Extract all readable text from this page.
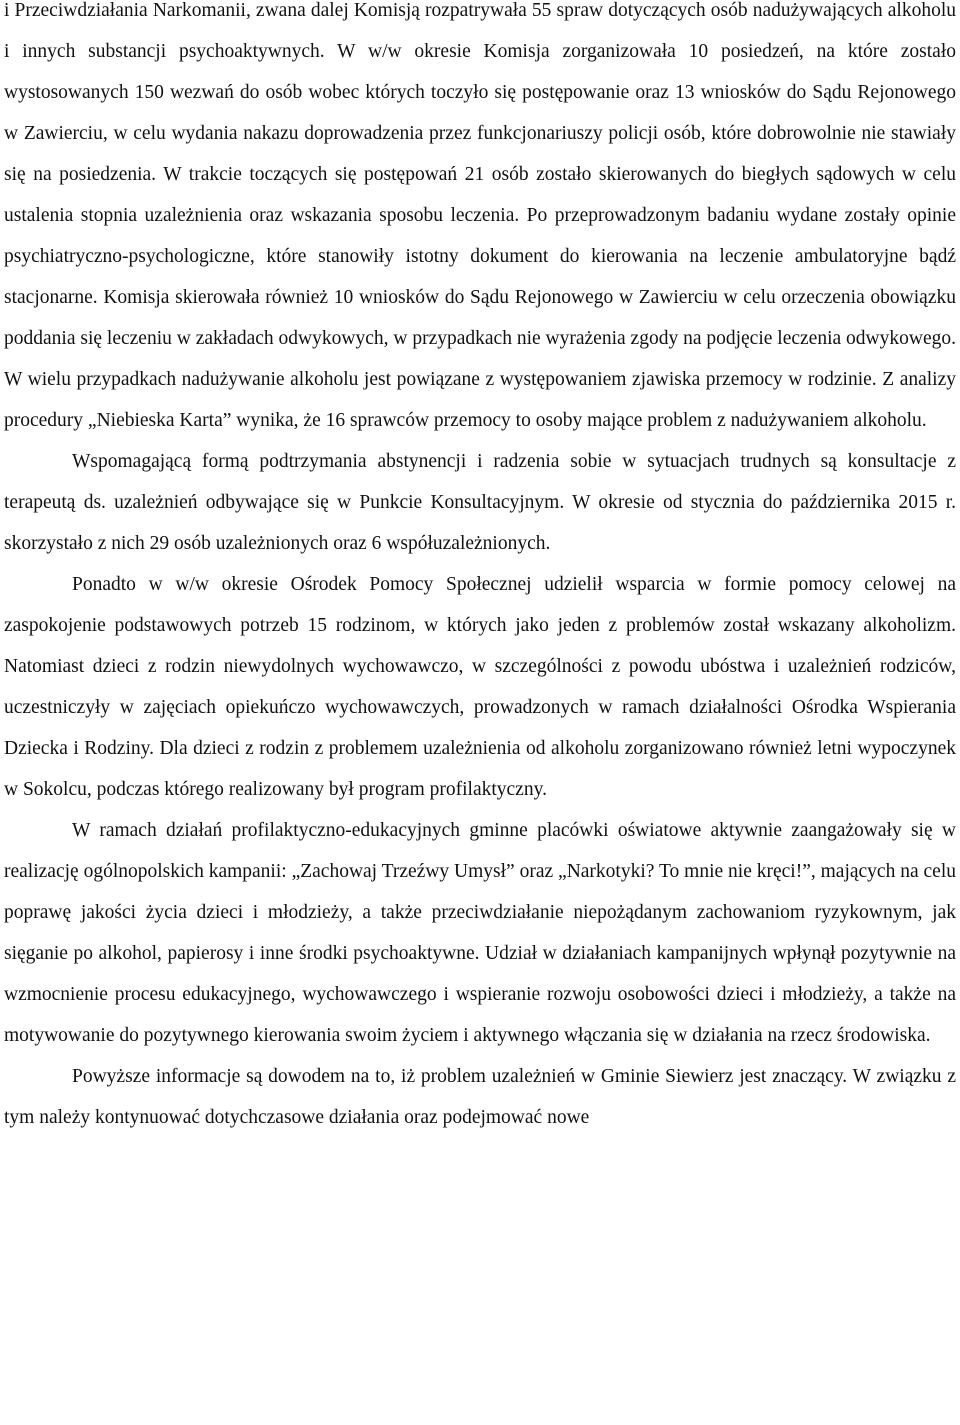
i Przeciwdziałania Narkomanii, zwana dalej Komisją rozpatrywała 55 spraw dotyczących osób nadużywających alkoholu i innych substancji psychoaktywnych. W w/w okresie Komisja zorganizowała 10 posiedzeń, na które zostało wystosowanych 150 wezwań do osób wobec których toczyło się postępowanie oraz 13 wniosków do Sądu Rejonowego w Zawierciu, w celu wydania nakazu doprowadzenia przez funkcjonariuszy policji osób, które dobrowolnie nie stawiały się na posiedzenia. W trakcie toczących się postępowań 21 osób zostało skierowanych do biegłych sądowych w celu ustalenia stopnia uzależnienia oraz wskazania sposobu leczenia. Po przeprowadzonym badaniu wydane zostały opinie psychiatryczno-psychologiczne, które stanowiły istotny dokument do kierowania na leczenie ambulatoryjne bądź stacjonarne. Komisja skierowała również 10 wniosków do Sądu Rejonowego w Zawierciu w celu orzeczenia obowiązku poddania się leczeniu w zakładach odwykowych, w przypadkach nie wyrażenia zgody na podjęcie leczenia odwykowego. W wielu przypadkach nadużywanie alkoholu jest powiązane z występowaniem zjawiska przemocy w rodzinie. Z analizy procedury „Niebieska Karta” wynika, że 16 sprawców przemocy to osoby mające problem z nadużywaniem alkoholu.

Wspomagającą formą podtrzymania abstynencji i radzenia sobie w sytuacjach trudnych są konsultacje z terapeutą ds. uzależnień odbywające się w Punkcie Konsultacyjnym. W okresie od stycznia do października 2015 r. skorzystało z nich 29 osób uzależnionych oraz 6 współuzależnionych.

Ponadto w w/w okresie Ośrodek Pomocy Społecznej udzielił wsparcia w formie pomocy celowej na zaspokojenie podstawowych potrzeb 15 rodzinom, w których jako jeden z problemów został wskazany alkoholizm. Natomiast dzieci z rodzin niewydolnych wychowawczo, w szczególności z powodu ubóstwa i uzależnień rodziców, uczestniczyły w zajęciach opiekuńczo wychowawczych, prowadzonych w ramach działalności Ośrodka Wspierania Dziecka i Rodziny. Dla dzieci z rodzin z problemem uzależnienia od alkoholu zorganizowano również letni wypoczynek w Sokolcu, podczas którego realizowany był program profilaktyczny.

W ramach działań profilaktyczno-edukacyjnych gminne placówki oświatowe aktywnie zaangażowały się w realizację ogólnopolskich kampanii: „Zachowaj Trzeźwy Umysł” oraz „Narkotyki? To mnie nie kręci!”, mających na celu poprawę jakości życia dzieci i młodzieży, a także przeciwdziałanie niepożądanym zachowaniom ryzykownym, jak sięganie po alkohol, papierosy i inne środki psychoaktywne. Udział w działaniach kampanijnych wpłynął pozytywnie na wzmocnienie procesu edukacyjnego, wychowawczego i wspieranie rozwoju osobowości dzieci i młodzieży, a także na motywowanie do pozytywnego kierowania swoim życiem i aktywnego włączania się w działania na rzecz środowiska.

Powyższe informacje są dowodem na to, iż problem uzależnień w Gminie Siewierz jest znaczący. W związku z tym należy kontynuować dotychczasowe działania oraz podejmować nowe
